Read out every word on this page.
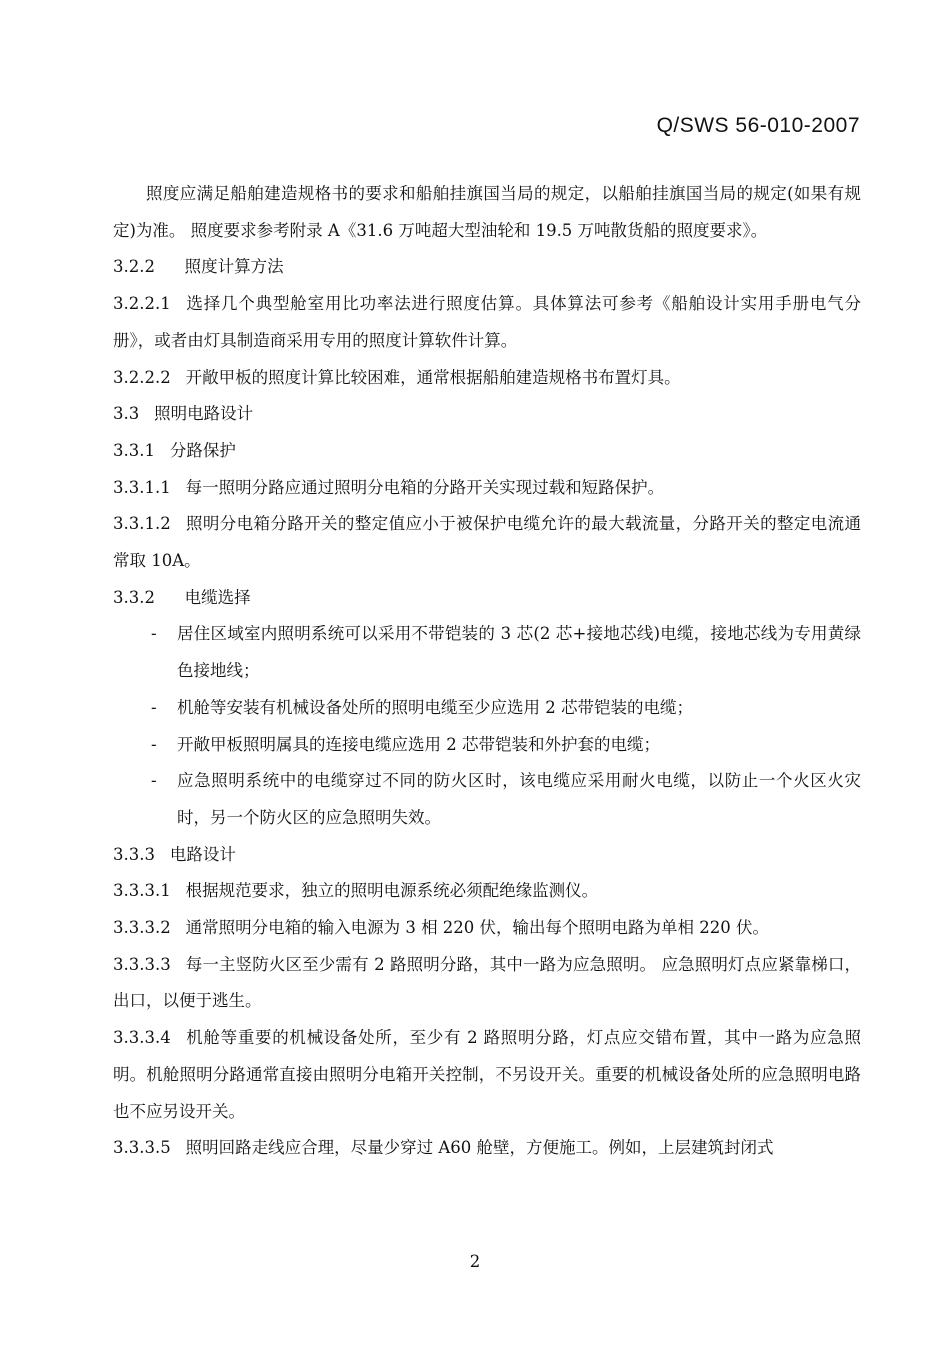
Q/SWS 56-010-2007

照度应满足船舶建造规格书的要求和船舶挂旗国当局的规定，以船舶挂旗国当局的规定(如果有规定)为准。 照度要求参考附录 A《31.6 万吨超大型油轮和 19.5 万吨散货船的照度要求》。

3.2.2 照度计算方法

3.2.2.1 选择几个典型舱室用比功率法进行照度估算。具体算法可参考《船舶设计实用手册电气分册》，或者由灯具制造商采用专用的照度计算软件计算。

3.2.2.2 开敞甲板的照度计算比较困难，通常根据船舶建造规格书布置灯具。

3.3 照明电路设计

3.3.1 分路保护

3.3.1.1 每一照明分路应通过照明分电箱的分路开关实现过载和短路保护。

3.3.1.2 照明分电箱分路开关的整定值应小于被保护电缆允许的最大载流量，分路开关的整定电流通常取 10A。

3.3.2 电缆选择

- 居住区域室内照明系统可以采用不带铠装的 3 芯(2 芯+接地芯线)电缆，接地芯线为专用黄绿色接地线；

- 机舱等安装有机械设备处所的照明电缆至少应选用 2 芯带铠装的电缆；

- 开敞甲板照明属具的连接电缆应选用 2 芯带铠装和外护套的电缆；

- 应急照明系统中的电缆穿过不同的防火区时，该电缆应采用耐火电缆，以防止一个火区火灾时，另一个防火区的应急照明失效。

3.3.3 电路设计

3.3.3.1 根据规范要求，独立的照明电源系统必须配绝缘监测仪。

3.3.3.2 通常照明分电箱的输入电源为 3 相 220 伏，输出每个照明电路为单相 220 伏。

3.3.3.3 每一主竖防火区至少需有 2 路照明分路，其中一路为应急照明。 应急照明灯点应紧靠梯口，出口，以便于逃生。

3.3.3.4 机舱等重要的机械设备处所，至少有 2 路照明分路，灯点应交错布置，其中一路为应急照明。机舱照明分路通常直接由照明分电箱开关控制，不另设开关。重要的机械设备处所的应急照明电路也不应另设开关。

3.3.3.5 照明回路走线应合理，尽量少穿过 A60 舱壁，方便施工。例如，上层建筑封闭式

2
